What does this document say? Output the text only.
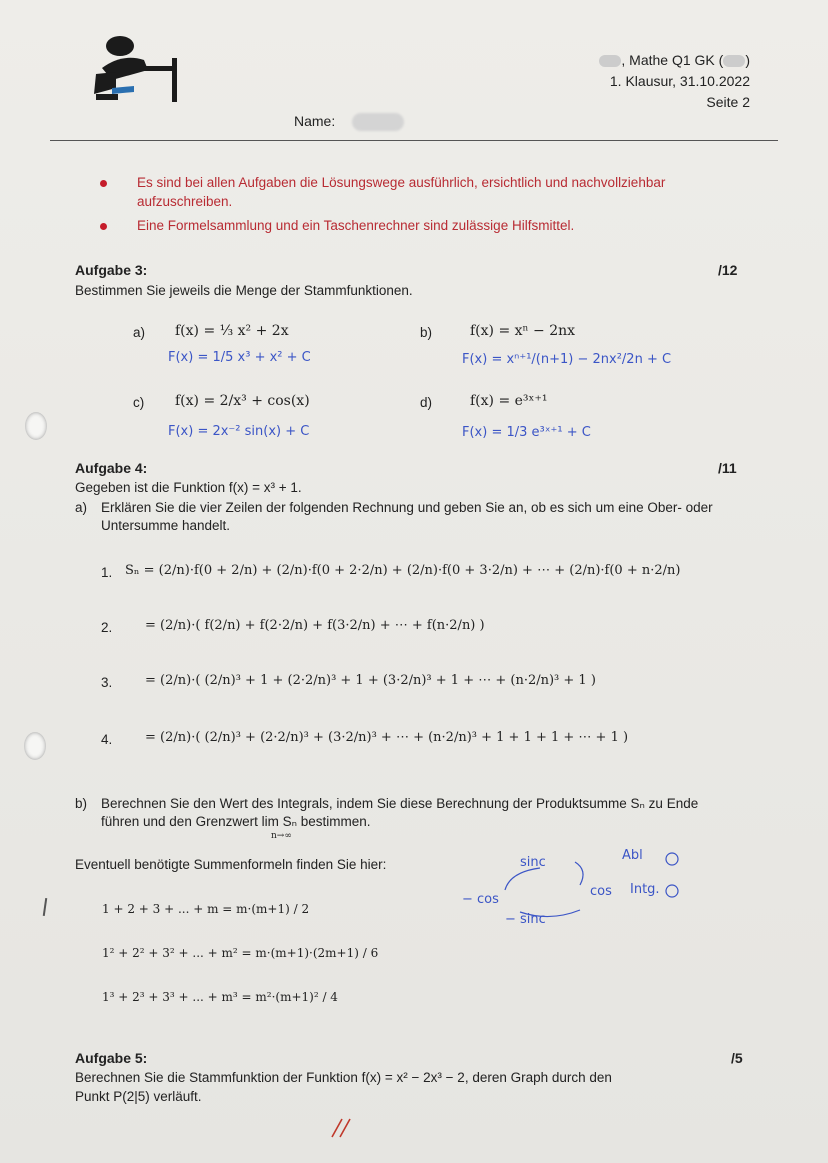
, Mathe Q1 GK ( )
1. Klausur, 31.10.2022
Seite 2
Name:
Es sind bei allen Aufgaben die Lösungswege ausführlich, ersichtlich und nachvollziehbar
aufzuschreiben.
Eine Formelsammlung und ein Taschenrechner sind zulässige Hilfsmittel.
Aufgabe 3:	/12
Bestimmen Sie jeweils die Menge der Stammfunktionen.
a) f(x) = ⅓ x² + 2x
F(x) = 1/5 x³ + x² + C
b)	f(x) = xⁿ − 2nx
F(x) = xⁿ⁺¹/(n+1) − 2nx²/2n + C
c) f(x) = 2/x³ + cos(x)
F(x) = 2x⁻² sin(x) + C
d)	f(x) = e³ˣ⁺¹
F(x) = 1/3 e³ˣ⁺¹ + C
Aufgabe 4:	/11
Gegeben ist die Funktion f(x) = x³ + 1.
a) Erklären Sie die vier Zeilen der folgenden Rechnung und geben Sie an, ob es sich um eine Ober- oder
Untersumme handelt.
1. Sₙ = (2/n)·f(0 + 2/n) + (2/n)·f(0 + 2·2/n) + (2/n)·f(0 + 3·2/n) + ⋯ + (2/n)·f(0 + n·2/n)
2.	= (2/n)·( f(2/n) + f(2·2/n) + f(3·2/n) + ⋯ + f(n·2/n) )
3.	= (2/n)·( (2/n)³ + 1 + (2·2/n)³ + 1 + (3·2/n)³ + 1 + ⋯ + (n·2/n)³ + 1 )
4.	= (2/n)·( (2/n)³ + (2·2/n)³ + (3·2/n)³ + ⋯ + (n·2/n)³ + 1 + 1 + 1 + ⋯ + 1 )
b) Berechnen Sie den Wert des Integrals, indem Sie diese Berechnung der Produktsumme Sₙ zu Ende
führen und den Grenzwert lim Sₙ bestimmen.
n→∞
Eventuell benötigte Summenformeln finden Sie hier:
1 + 2 + 3 + ... + m = m·(m+1) / 2
1² + 2² + 3² + ... + m² = m·(m+1)·(2m+1) / 6
1³ + 2³ + 3³ + ... + m³ = m²·(m+1)² / 4
sinc	Abl
cos Intg.
− cos
− sinc
Aufgabe 5:	/5
Berechnen Sie die Stammfunktion der Funktion f(x) = x² − 2x³ − 2, deren Graph durch den
Punkt P(2|5) verläuft.
